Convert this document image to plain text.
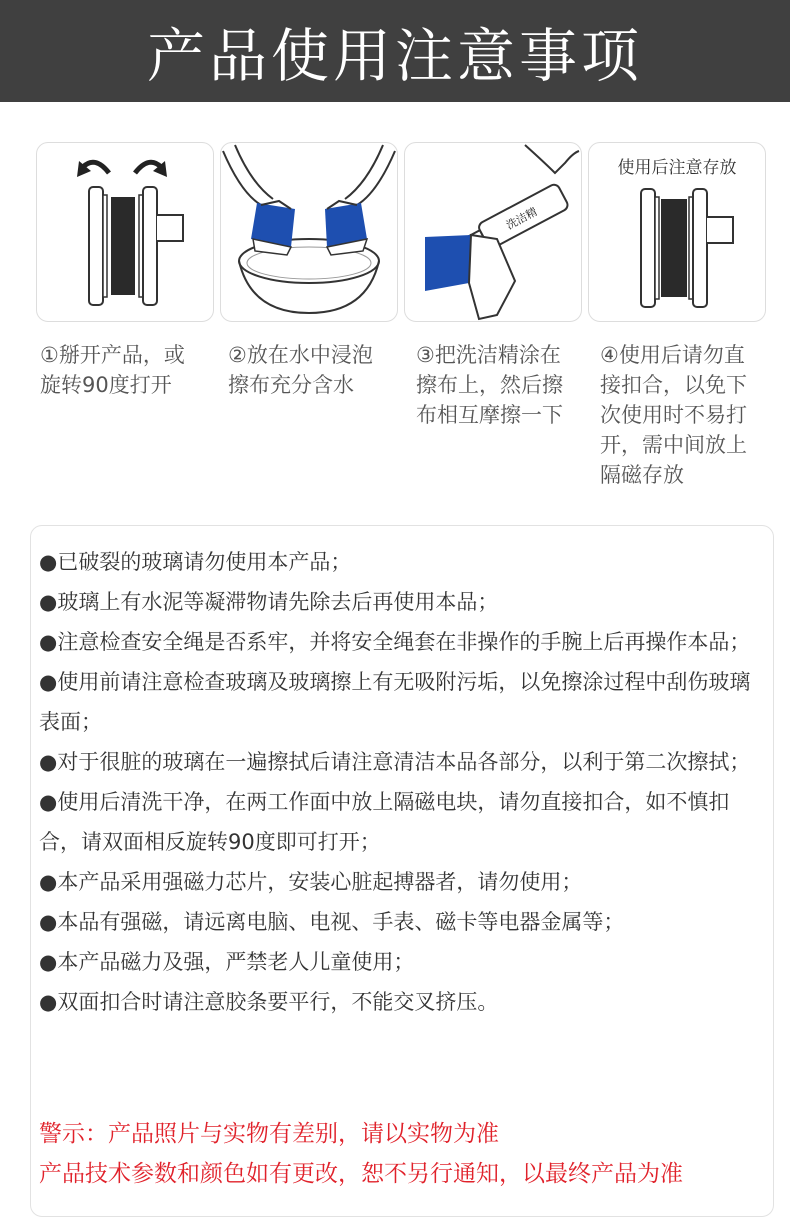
产品使用注意事项
①掰开产品，或
旋转90度打开
②放在水中浸泡
擦布充分含水
洗洁精
③把洗洁精涂在
擦布上，然后擦
布相互摩擦一下
使用后注意存放
④使用后请勿直
接扣合，以免下
次使用时不易打
开，需中间放上
隔磁存放
●已破裂的玻璃请勿使用本产品；
●玻璃上有水泥等凝滞物请先除去后再使用本品；
●注意检查安全绳是否系牢，并将安全绳套在非操作的手腕上后再操作本品；
●使用前请注意检查玻璃及玻璃擦上有无吸附污垢，以免擦涂过程中刮伤玻璃表面；
●对于很脏的玻璃在一遍擦拭后请注意清洁本品各部分，以利于第二次擦拭；
●使用后清洗干净，在两工作面中放上隔磁电块，请勿直接扣合，如不慎扣合，请双面相反旋转90度即可打开；
●本产品采用强磁力芯片，安装心脏起搏器者，请勿使用；
●本品有强磁，请远离电脑、电视、手表、磁卡等电器金属等；
●本产品磁力及强，严禁老人儿童使用；
●双面扣合时请注意胶条要平行，不能交叉挤压。
警示：产品照片与实物有差别，请以实物为准
产品技术参数和颜色如有更改，恕不另行通知，以最终产品为准
